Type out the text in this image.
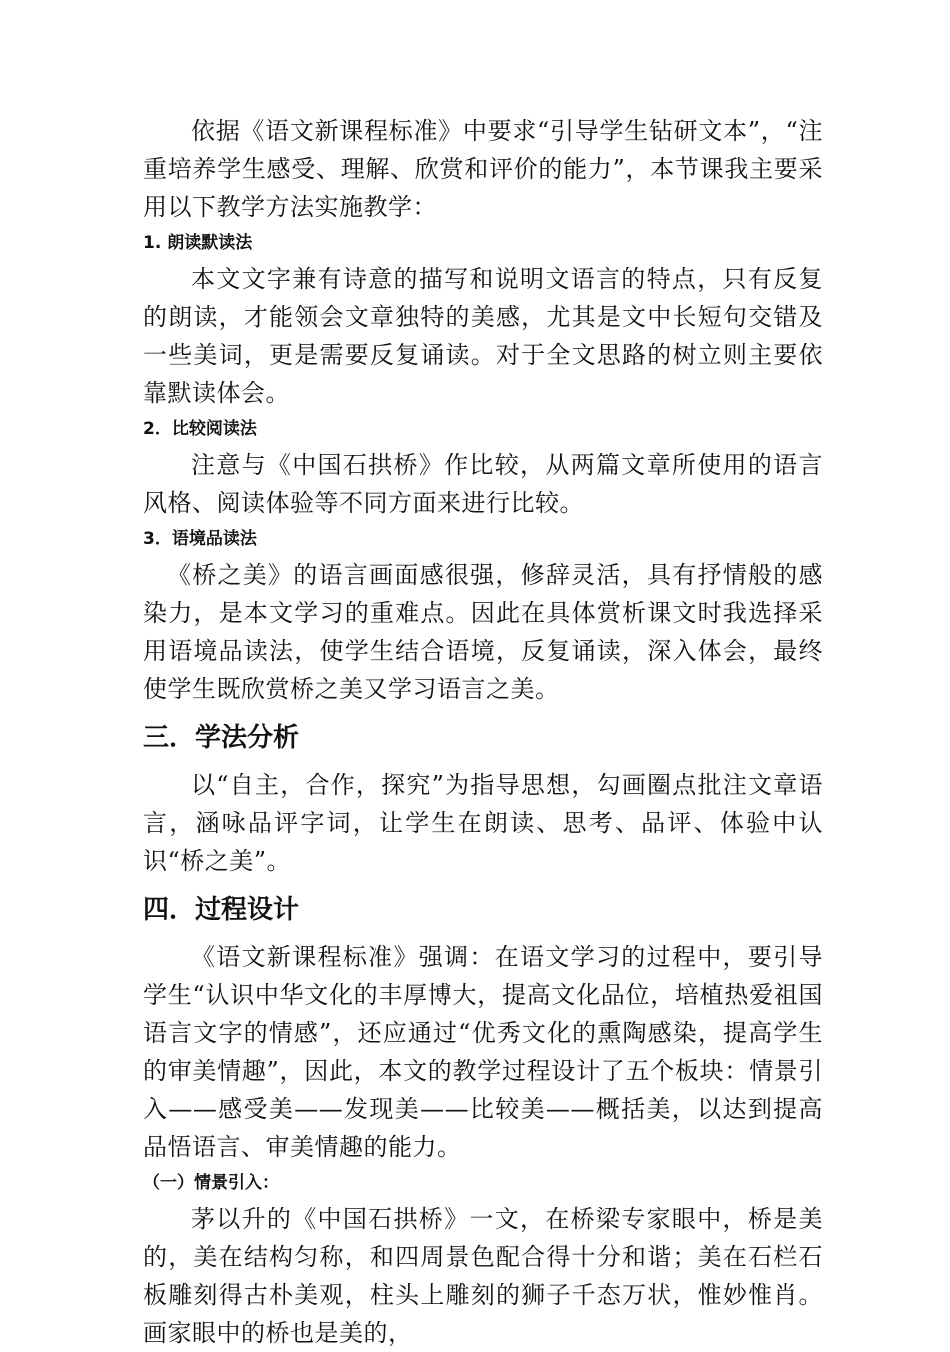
依据《语文新课程标准》中要求“引导学生钻研文本”，“注重培养学生感受、理解、欣赏和评价的能力”，本节课我主要采用以下教学方法实施教学：

1. 朗读默读法

本文文字兼有诗意的描写和说明文语言的特点，只有反复的朗读，才能领会文章独特的美感，尤其是文中长短句交错及一些美词，更是需要反复诵读。对于全文思路的树立则主要依靠默读体会。

2．比较阅读法

注意与《中国石拱桥》作比较，从两篇文章所使用的语言风格、阅读体验等不同方面来进行比较。

3．语境品读法

《桥之美》的语言画面感很强，修辞灵活，具有抒情般的感染力，是本文学习的重难点。因此在具体赏析课文时我选择采用语境品读法，使学生结合语境，反复诵读，深入体会，最终使学生既欣赏桥之美又学习语言之美。

三．学法分析

以“自主，合作，探究”为指导思想，勾画圈点批注文章语言，涵咏品评字词，让学生在朗读、思考、品评、体验中认识“桥之美”。

四．过程设计

《语文新课程标准》强调：在语文学习的过程中，要引导学生“认识中华文化的丰厚博大，提高文化品位，培植热爱祖国语言文字的情感”，还应通过“优秀文化的熏陶感染，提高学生的审美情趣”，因此，本文的教学过程设计了五个板块：情景引入——感受美——发现美——比较美——概括美，以达到提高品悟语言、审美情趣的能力。

（一）情景引入：

茅以升的《中国石拱桥》一文，在桥梁专家眼中，桥是美的，美在结构匀称，和四周景色配合得十分和谐；美在石栏石板雕刻得古朴美观，柱头上雕刻的狮子千态万状，惟妙惟肖。画家眼中的桥也是美的，
